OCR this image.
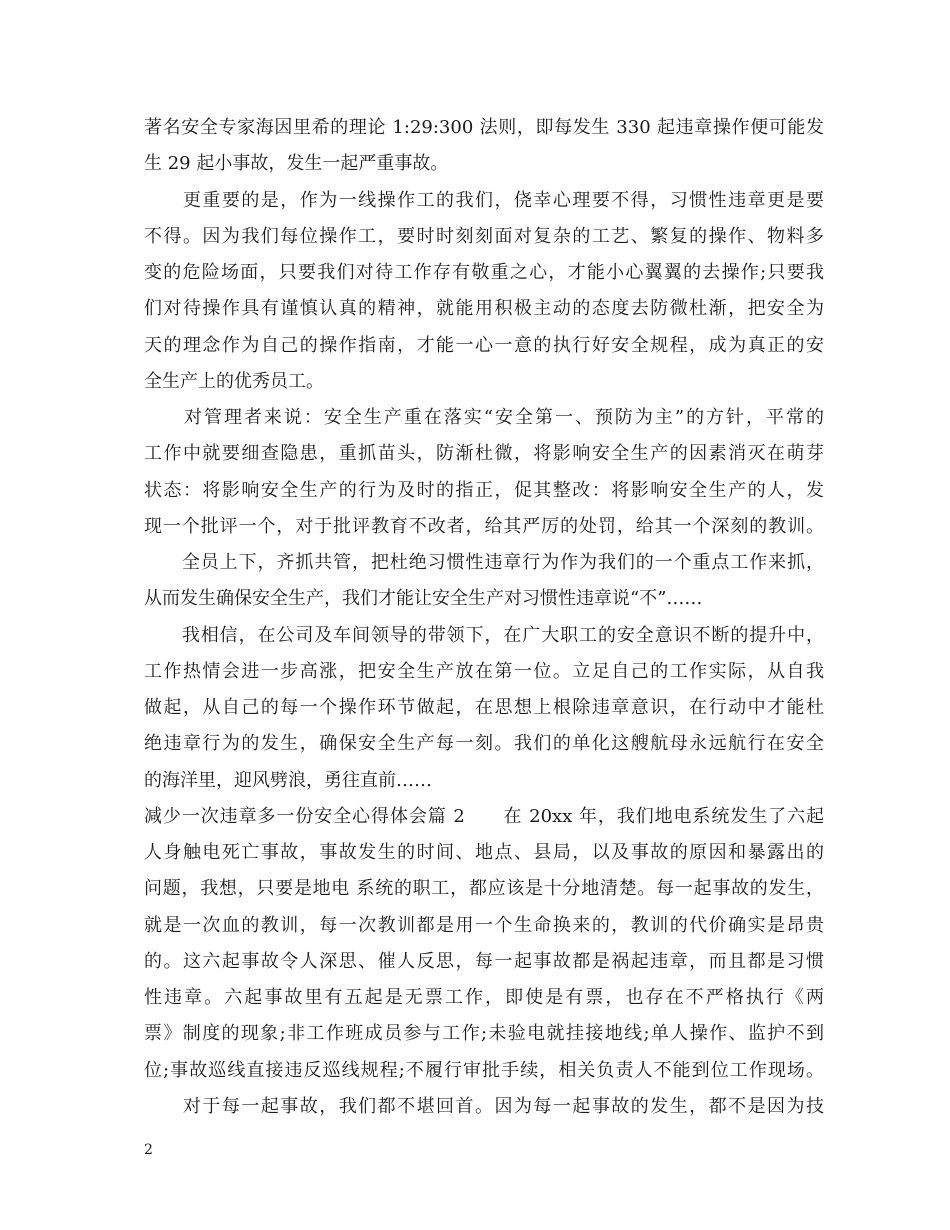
著名安全专家海因里希的理论 1:29:300 法则，即每发生 330 起违章操作便可能发
生 29 起小事故，发生一起严重事故。
　　更重要的是，作为一线操作工的我们，侥幸心理要不得，习惯性违章更是要
不得。因为我们每位操作工，要时时刻刻面对复杂的工艺、繁复的操作、物料多
变的危险场面，只要我们对待工作存有敬重之心，才能小心翼翼的去操作;只要我
们对待操作具有谨慎认真的精神，就能用积极主动的态度去防微杜渐，把安全为
天的理念作为自己的操作指南，才能一心一意的执行好安全规程，成为真正的安
全生产上的优秀员工。
　　对管理者来说：安全生产重在落实“安全第一、预防为主”的方针，平常的
工作中就要细查隐患，重抓苗头，防渐杜微，将影响安全生产的因素消灭在萌芽
状态：将影响安全生产的行为及时的指正，促其整改：将影响安全生产的人，发
现一个批评一个，对于批评教育不改者，给其严厉的处罚，给其一个深刻的教训。
　　全员上下，齐抓共管，把杜绝习惯性违章行为作为我们的一个重点工作来抓，
从而发生确保安全生产，我们才能让安全生产对习惯性违章说“不”……
　　我相信，在公司及车间领导的带领下，在广大职工的安全意识不断的提升中，
工作热情会进一步高涨，把安全生产放在第一位。立足自己的工作实际，从自我
做起，从自己的每一个操作环节做起，在思想上根除违章意识，在行动中才能杜
绝违章行为的发生，确保安全生产每一刻。我们的单化这艘航母永远航行在安全
的海洋里，迎风劈浪，勇往直前……
减少一次违章多一份安全心得体会篇 2　　在 20xx 年，我们地电系统发生了六起
人身触电死亡事故，事故发生的时间、地点、县局，以及事故的原因和暴露出的
问题，我想，只要是地电 系统的职工，都应该是十分地清楚。每一起事故的发生，
就是一次血的教训，每一次教训都是用一个生命换来的，教训的代价确实是昂贵
的。这六起事故令人深思、催人反思，每一起事故都是祸起违章，而且都是习惯
性违章。六起事故里有五起是无票工作，即使是有票，也存在不严格执行《两
票》制度的现象;非工作班成员参与工作;未验电就挂接地线;单人操作、监护不到
位;事故巡线直接违反巡线规程;不履行审批手续，相关负责人不能到位工作现场。
　　对于每一起事故，我们都不堪回首。因为每一起事故的发生，都不是因为技
2
